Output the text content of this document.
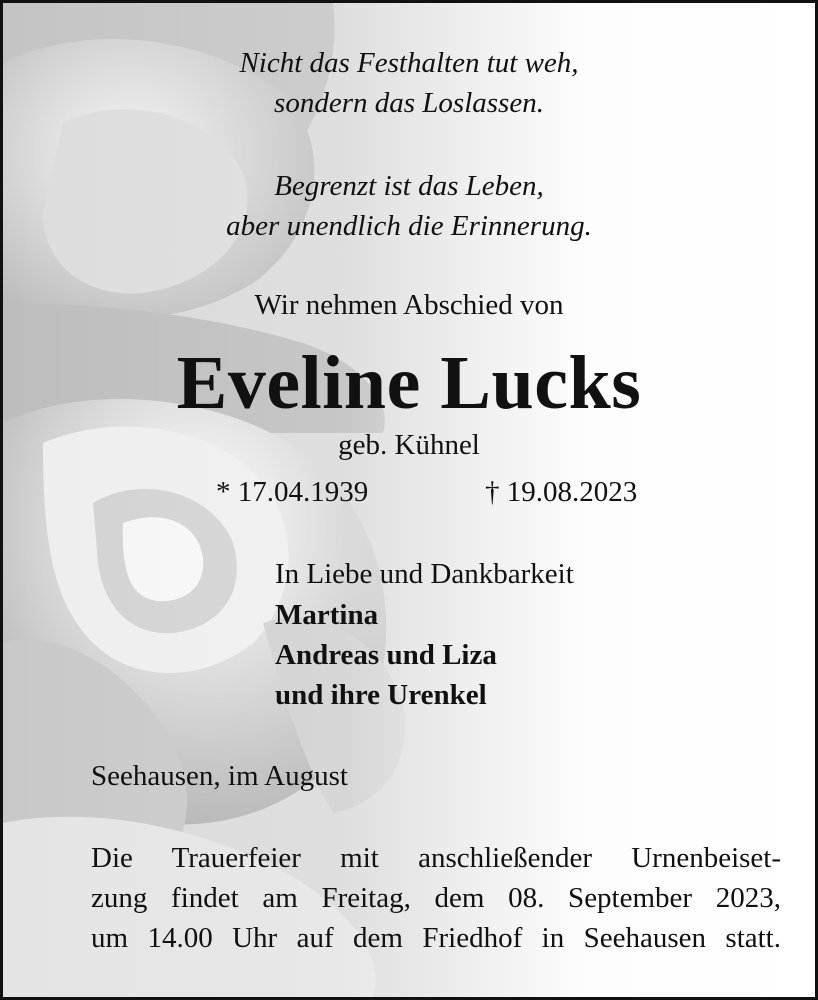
Nicht das Festhalten tut weh,

sondern das Loslassen.

Begrenzt ist das Leben,

aber unendlich die Erinnerung.

Wir nehmen Abschied von

Eveline Lucks

geb. Kühnel

* 17.04.1939	† 19.08.2023

In Liebe und Dankbarkeit

Martina

Andreas und Liza

und ihre Urenkel

Seehausen, im August

Die Trauerfeier mit anschließender Urnenbeiset-
zung findet am Freitag, dem 08. September 2023,
um 14.00 Uhr auf dem Friedhof in Seehausen statt.
